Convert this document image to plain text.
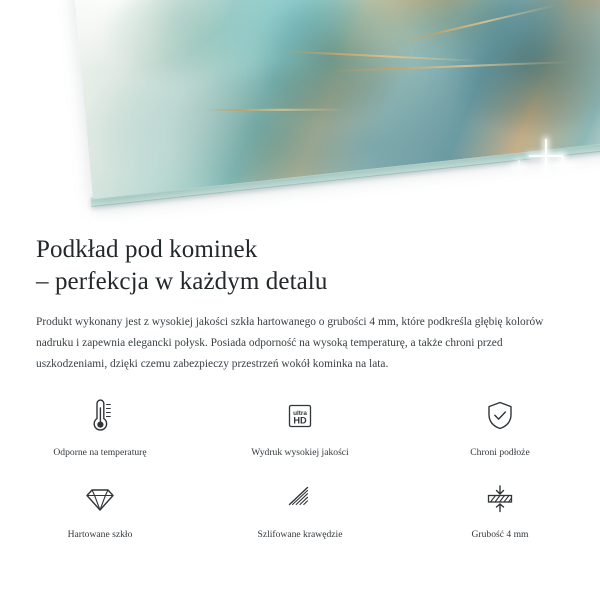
Podkład pod kominek
– perfekcja w każdym detalu

Produkt wykonany jest z wysokiej jakości szkła hartowanego o grubości 4 mm, które podkreśla głębię kolorów nadruku i zapewnia elegancki połysk. Posiada odporność na wysoką temperaturę, a także chroni przed uszkodzeniami, dzięki czemu zabezpieczy przestrzeń wokół kominka na lata.

Odporne na temperaturę
ultra
HD
Wydruk wysokiej jakości	Chroni podłoże
Hartowane szkło	Szlifowane krawędzie	Grubość 4 mm
